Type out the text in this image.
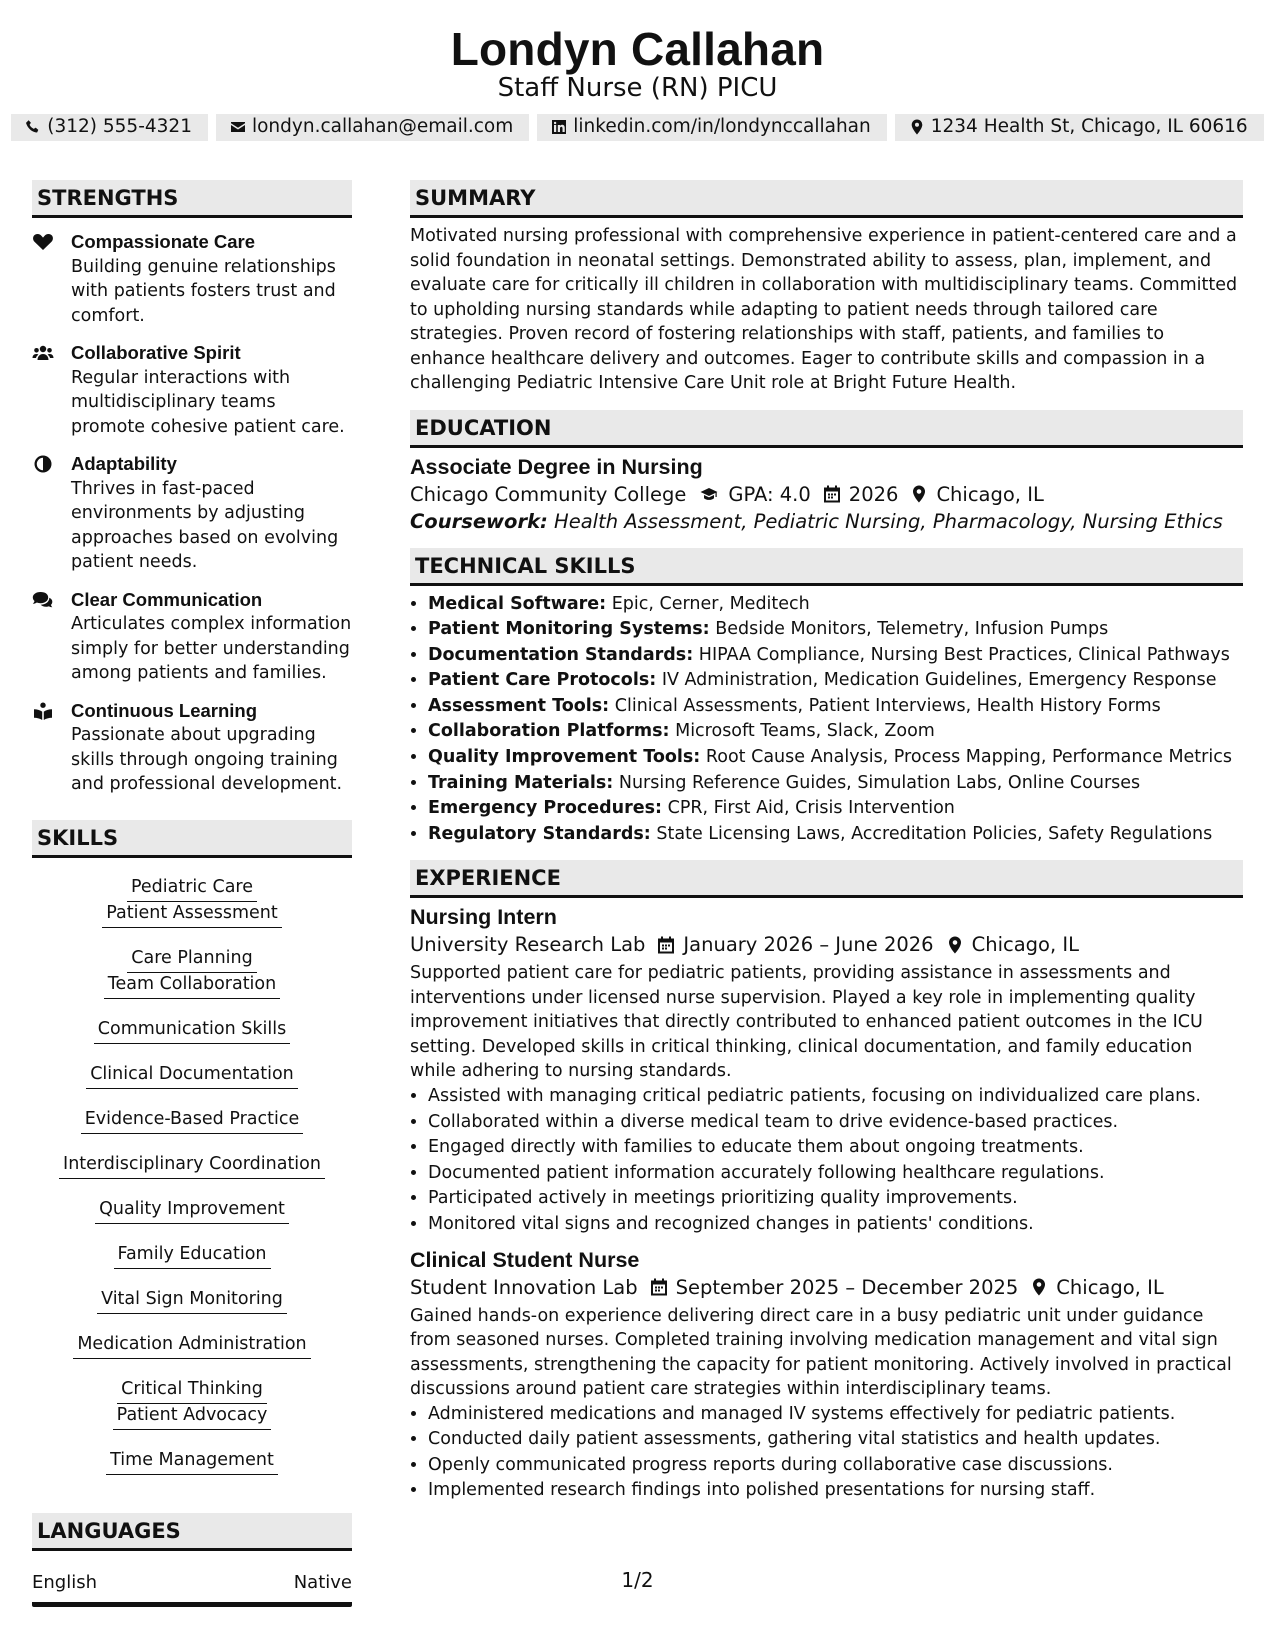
Londyn Callahan
Staff Nurse (RN) PICU
(312) 555-4321	londyn.callahan@email.com	linkedin.com/in/londynccallahan	1234 Health St, Chicago, IL 60616
STRENGTHS
Compassionate Care
Building genuine relationships with patients fosters trust and comfort.
Collaborative Spirit
Regular interactions with multidisciplinary teams promote cohesive patient care.
Adaptability
Thrives in fast-paced environments by adjusting approaches based on evolving patient needs.
Clear Communication
Articulates complex information simply for better understanding among patients and families.
Continuous Learning
Passionate about upgrading skills through ongoing training and professional development.
SKILLS
Pediatric Care
Patient Assessment
Care Planning
Team Collaboration
Communication Skills
Clinical Documentation
Evidence-Based Practice
Interdisciplinary Coordination
Quality Improvement
Family Education
Vital Sign Monitoring
Medication Administration
Critical Thinking
Patient Advocacy
Time Management
LANGUAGES
English	Native
SUMMARY
Motivated nursing professional with comprehensive experience in patient-centered care and a solid foundation in neonatal settings. Demonstrated ability to assess, plan, implement, and evaluate care for critically ill children in collaboration with multidisciplinary teams. Committed to upholding nursing standards while adapting to patient needs through tailored care strategies. Proven record of fostering relationships with staff, patients, and families to enhance healthcare delivery and outcomes. Eager to contribute skills and compassion in a challenging Pediatric Intensive Care Unit role at Bright Future Health.
EDUCATION
Associate Degree in Nursing
Chicago Community College GPA: 4.0 2026 Chicago, IL
Coursework: Health Assessment, Pediatric Nursing, Pharmacology, Nursing Ethics
TECHNICAL SKILLS
• Medical Software: Epic, Cerner, Meditech
• Patient Monitoring Systems: Bedside Monitors, Telemetry, Infusion Pumps
• Documentation Standards: HIPAA Compliance, Nursing Best Practices, Clinical Pathways
• Patient Care Protocols: IV Administration, Medication Guidelines, Emergency Response
• Assessment Tools: Clinical Assessments, Patient Interviews, Health History Forms
• Collaboration Platforms: Microsoft Teams, Slack, Zoom
• Quality Improvement Tools: Root Cause Analysis, Process Mapping, Performance Metrics
• Training Materials: Nursing Reference Guides, Simulation Labs, Online Courses
• Emergency Procedures: CPR, First Aid, Crisis Intervention
• Regulatory Standards: State Licensing Laws, Accreditation Policies, Safety Regulations
EXPERIENCE
Nursing Intern
University Research Lab January 2026 – June 2026 Chicago, IL
Supported patient care for pediatric patients, providing assistance in assessments and interventions under licensed nurse supervision. Played a key role in implementing quality improvement initiatives that directly contributed to enhanced patient outcomes in the ICU setting. Developed skills in critical thinking, clinical documentation, and family education while adhering to nursing standards.
• Assisted with managing critical pediatric patients, focusing on individualized care plans.
• Collaborated within a diverse medical team to drive evidence-based practices.
• Engaged directly with families to educate them about ongoing treatments.
• Documented patient information accurately following healthcare regulations.
• Participated actively in meetings prioritizing quality improvements.
• Monitored vital signs and recognized changes in patients' conditions.
Clinical Student Nurse
Student Innovation Lab September 2025 – December 2025 Chicago, IL
Gained hands-on experience delivering direct care in a busy pediatric unit under guidance from seasoned nurses. Completed training involving medication management and vital sign assessments, strengthening the capacity for patient monitoring. Actively involved in practical discussions around patient care strategies within interdisciplinary teams.
• Administered medications and managed IV systems effectively for pediatric patients.
• Conducted daily patient assessments, gathering vital statistics and health updates.
• Openly communicated progress reports during collaborative case discussions.
• Implemented research findings into polished presentations for nursing staff.
1/2
